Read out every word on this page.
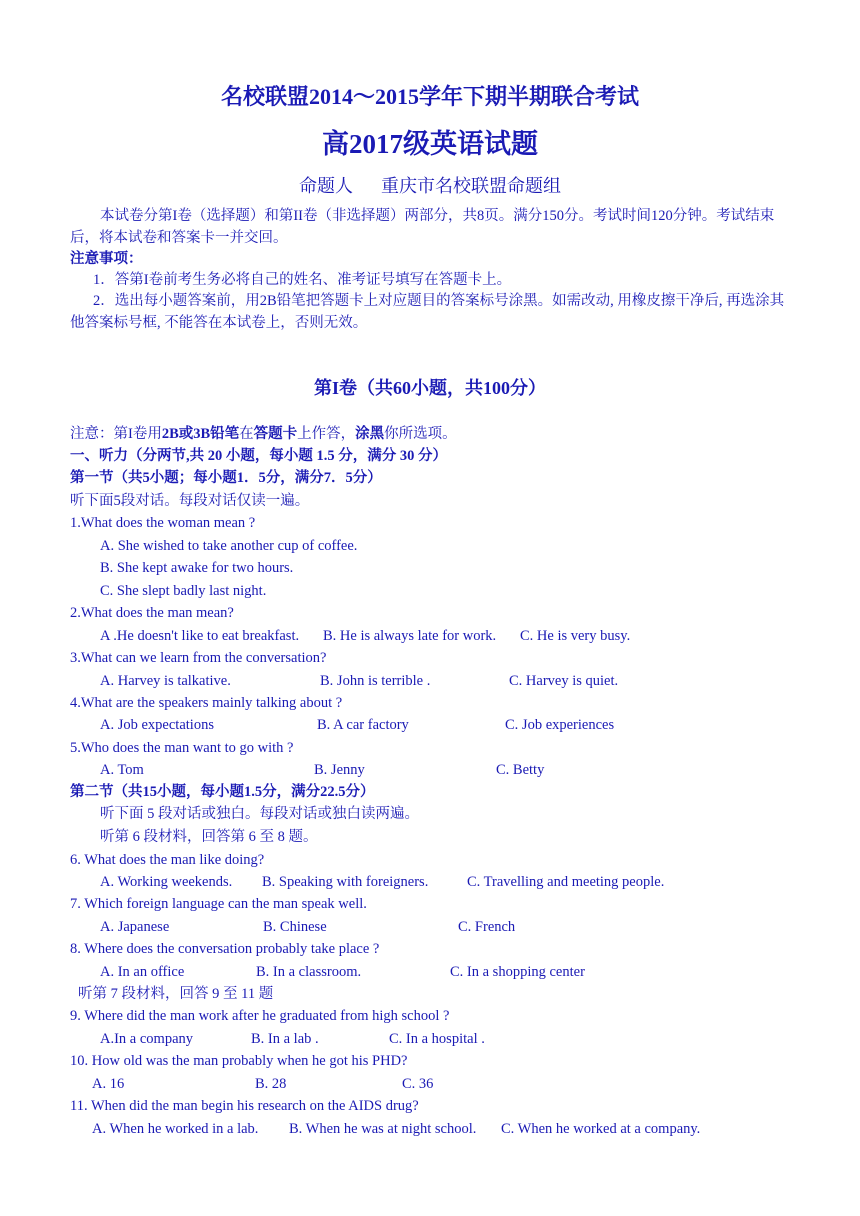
名校联盟2014～2015学年下期半期联合考试
高2017级英语试题
命题人 重庆市名校联盟命题组
本试卷分第I卷（选择题）和第II卷（非选择题）两部分，共8页。满分150分。考试时间120分钟。考试结束后，将本试卷和答案卡一并交回。
注意事项：
1．答第I卷前考生务必将自己的姓名、准考证号填写在答题卡上。
2．选出每小题答案前，用2B铅笔把答题卡上对应题目的答案标号涂黑。如需改动, 用橡皮擦干净后, 再选涂其他答案标号框, 不能答在本试卷上，否则无效。
第I卷（共60小题，共100分）
注意：第I卷用2B或3B铅笔在答题卡上作答，涂黑你所选项。
一、听力（分两节,共 20 小题，每小题 1.5 分，满分 30 分）
第一节（共5小题；每小题1．5分，满分7．5分）
听下面5段对话。每段对话仅读一遍。
1.What does the woman mean ?
A. She wished to take another cup of coffee.
B. She kept awake for two hours.
C. She slept badly last night.
2.What does the man mean?
A .He doesn't like to eat breakfast. B. He is always late for work. C. He is very busy.
3.What can we learn from the conversation?
A. Harvey is talkative.	B. John is terrible .	C. Harvey is quiet.
4.What are the speakers mainly talking about ?
A. Job expectations	B. A car factory	C. Job experiences
5.Who does the man want to go with ?
A. Tom	B. Jenny	C. Betty
第二节（共15小题，每小题1.5分，满分22.5分）
听下面 5 段对话或独白。每段对话或独白读两遍。
听第 6 段材料，回答第 6 至 8 题。
6. What does the man like doing?
A. Working weekends. B. Speaking with foreigners.	C. Travelling and meeting people.
7. Which foreign language can the man speak well.
A. Japanese	B. Chinese	C. French
8. Where does the conversation probably take place ?
A. In an office	B. In a classroom.	C. In a shopping center
听第 7 段材料，回答 9 至 11 题
9. Where did the man work after he graduated from high school ?
A.In a company	B. In a lab .	C. In a hospital .
10. How old was the man probably when he got his PHD?
A. 16	B. 28	C. 36
11. When did the man begin his research on the AIDS drug?
A. When he worked in a lab. B. When he was at night school. C. When he worked at a company.
